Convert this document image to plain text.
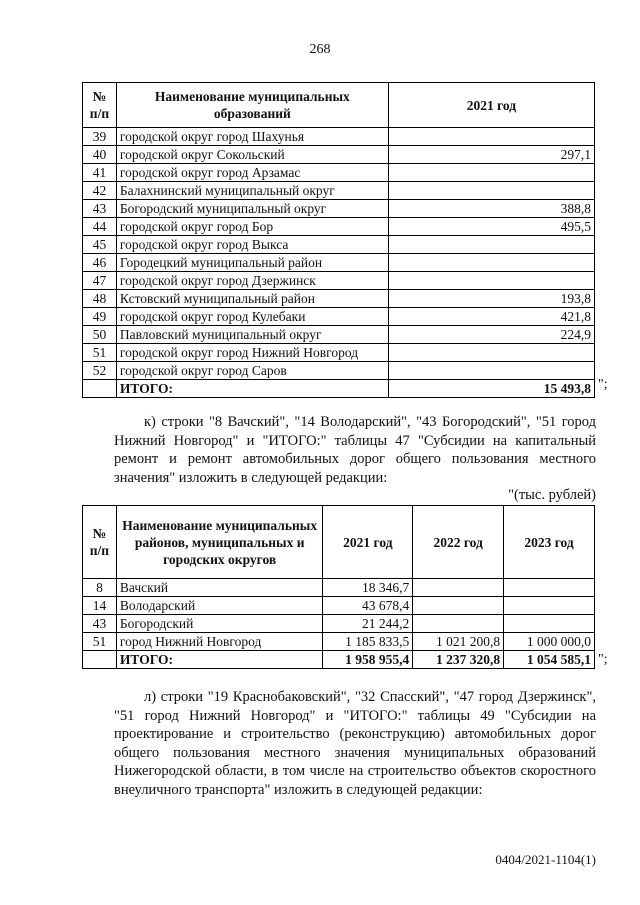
268
№ п/п	Наименование муниципальных образований	2021 год
39	городской округ город Шахунья	
40	городской округ Сокольский	297,1
41	городской округ город Арзамас	
42	Балахнинский муниципальный округ	
43	Богородский муниципальный округ	388,8
44	городской округ город Бор	495,5
45	городской округ город Выкса	
46	Городецкий муниципальный район	
47	городской округ город Дзержинск	
48	Кстовский муниципальный район	193,8
49	городской округ город Кулебаки	421,8
50	Павловский муниципальный округ	224,9
51	городской округ город Нижний Новгород	
52	городской округ город Саров	
	ИТОГО:	15 493,8 ";
к) строки "8 Вачский", "14 Володарский", "43 Богородский", "51 город Нижний Новгород" и "ИТОГО:" таблицы 47 "Субсидии на капитальный ремонт и ремонт автомобильных дорог общего пользования местного значения" изложить в следующей редакции:
"(тыс. рублей)
№ п/п	Наименование муниципальных районов, муниципальных и городских округов	2021 год	2022 год	2023 год
8	Вачский	18 346,7		
14	Володарский	43 678,4		
43	Богородский	21 244,2		
51	город Нижний Новгород	1 185 833,5	1 021 200,8	1 000 000,0
	ИТОГО:	1 958 955,4	1 237 320,8	1 054 585,1 ";
л) строки "19 Краснобаковский", "32 Спасский", "47 город Дзержинск", "51 город Нижний Новгород" и "ИТОГО:" таблицы 49 "Субсидии на проектирование и строительство (реконструкцию) автомобильных дорог общего пользования местного значения муниципальных образований Нижегородской области, в том числе на строительство объектов скоростного внеуличного транспорта" изложить в следующей редакции:
0404/2021-1104(1)
